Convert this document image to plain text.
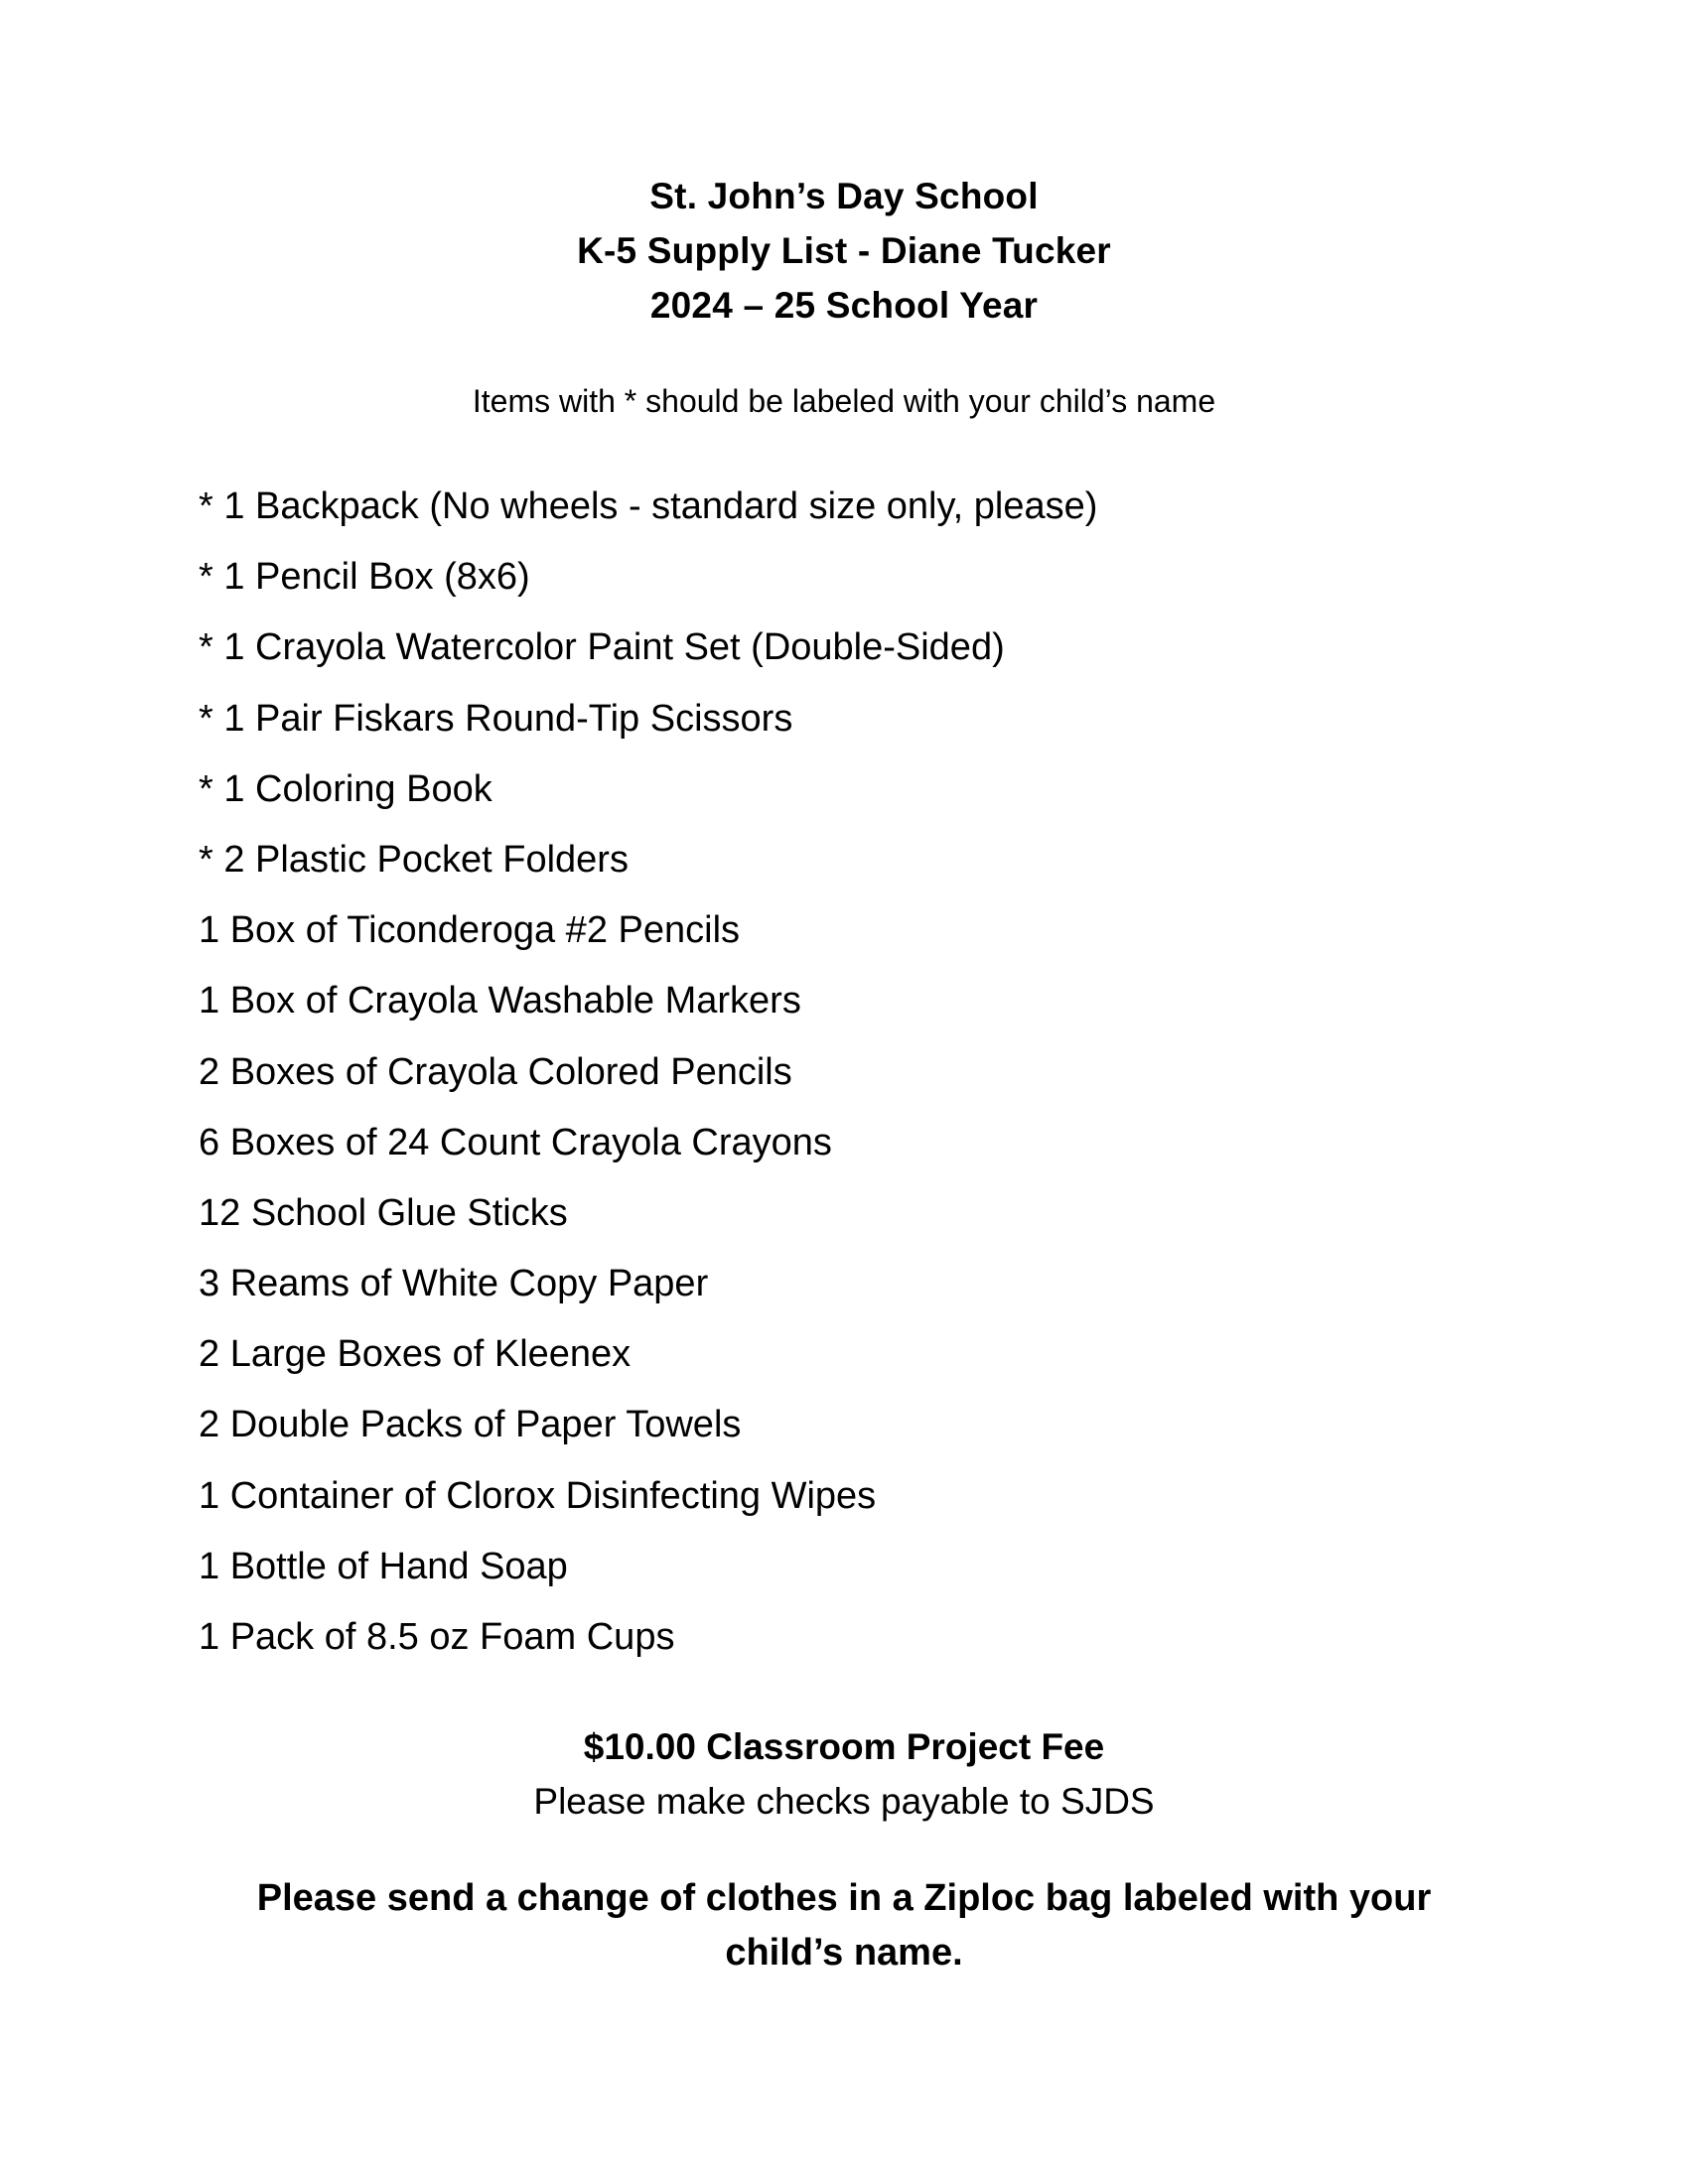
St. John’s Day School
K-5 Supply List - Diane Tucker
2024 – 25 School Year
Items with * should be labeled with your child’s name
* 1 Backpack (No wheels - standard size only, please)
* 1 Pencil Box (8x6)
* 1 Crayola Watercolor Paint Set (Double-Sided)
* 1 Pair Fiskars Round-Tip Scissors
* 1 Coloring Book
* 2 Plastic Pocket Folders
1 Box of Ticonderoga #2 Pencils
1 Box of Crayola Washable Markers
2 Boxes of Crayola Colored Pencils
6 Boxes of 24 Count Crayola Crayons
12 School Glue Sticks
3 Reams of White Copy Paper
2 Large Boxes of Kleenex
2 Double Packs of Paper Towels
1 Container of Clorox Disinfecting Wipes
1 Bottle of Hand Soap
1 Pack of 8.5 oz Foam Cups
$10.00 Classroom Project Fee
Please make checks payable to SJDS
Please send a change of clothes in a Ziploc bag labeled with your child’s name.
